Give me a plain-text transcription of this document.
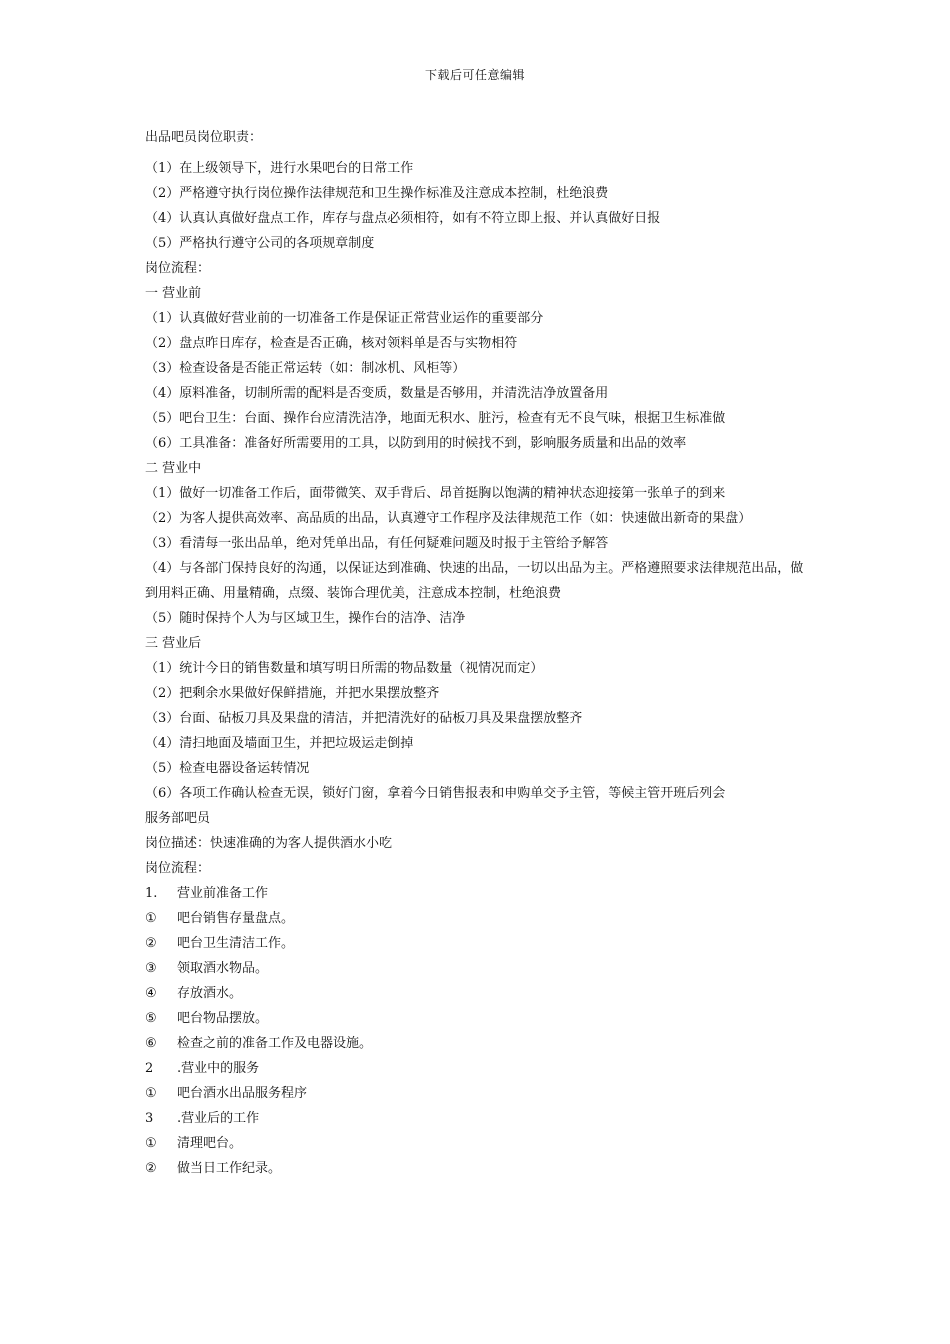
下载后可任意编辑
出品吧员岗位职责：
（1）在上级领导下，进行水果吧台的日常工作
（2）严格遵守执行岗位操作法律规范和卫生操作标准及注意成本控制，杜绝浪费
（4）认真认真做好盘点工作，库存与盘点必须相符，如有不符立即上报、并认真做好日报
（5）严格执行遵守公司的各项规章制度
岗位流程：
一 营业前
（1）认真做好营业前的一切准备工作是保证正常营业运作的重要部分
（2）盘点昨日库存，检查是否正确，核对领料单是否与实物相符
（3）检查设备是否能正常运转（如：制冰机、风柜等）
（4）原料准备，切制所需的配料是否变质，数量是否够用，并清洗洁净放置备用
（5）吧台卫生：台面、操作台应清洗洁净，地面无积水、脏污，检查有无不良气味，根据卫生标准做
（6）工具准备：准备好所需要用的工具，以防到用的时候找不到，影响服务质量和出品的效率
二 营业中
（1）做好一切准备工作后，面带微笑、双手背后、昂首挺胸以饱满的精神状态迎接第一张单子的到来
（2）为客人提供高效率、高品质的出品，认真遵守工作程序及法律规范工作（如：快速做出新奇的果盘）
（3）看清每一张出品单，绝对凭单出品，有任何疑难问题及时报于主管给予解答
（4）与各部门保持良好的沟通，以保证达到准确、快速的出品，一切以出品为主。严格遵照要求法律规范出品，做到用料正确、用量精确，点缀、装饰合理优美，注意成本控制，杜绝浪费
（5）随时保持个人为与区域卫生，操作台的洁净、洁净
三 营业后
（1）统计今日的销售数量和填写明日所需的物品数量（视情况而定）
（2）把剩余水果做好保鲜措施，并把水果摆放整齐
（3）台面、砧板刀具及果盘的清洁，并把清洗好的砧板刀具及果盘摆放整齐
（4）清扫地面及墙面卫生，并把垃圾运走倒掉
（5）检查电器设备运转情况
（6）各项工作确认检查无误，锁好门窗，拿着今日销售报表和申购单交予主管，等候主管开班后列会
服务部吧员
岗位描述：快速准确的为客人提供酒水小吃
岗位流程：
1. 营业前准备工作
① 吧台销售存量盘点。
② 吧台卫生清洁工作。
③ 领取酒水物品。
④ 存放酒水。
⑤ 吧台物品摆放。
⑥ 检查之前的准备工作及电器设施。
2 .营业中的服务
① 吧台酒水出品服务程序
3 .营业后的工作
① 清理吧台。
② 做当日工作纪录。
